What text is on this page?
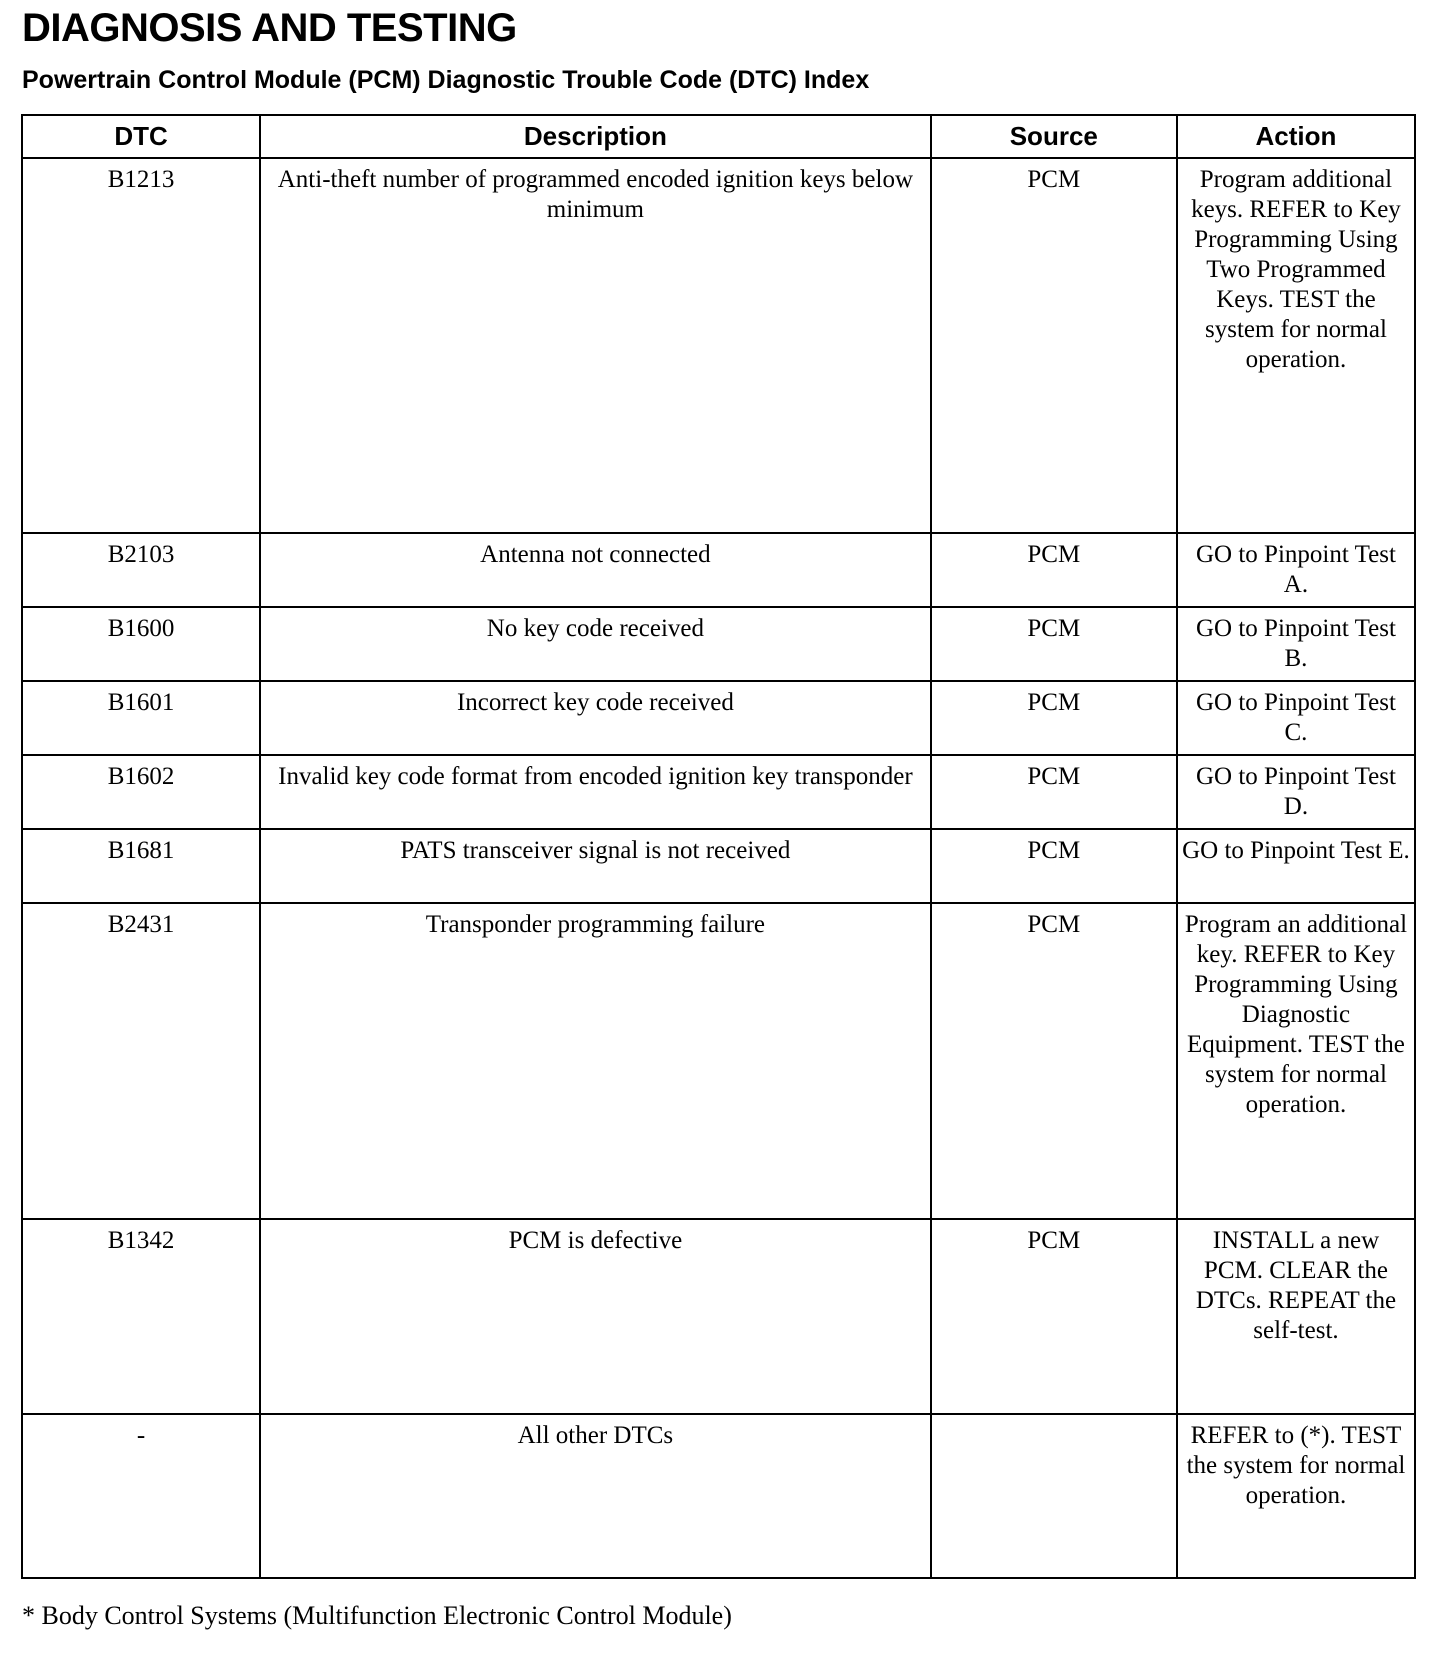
DIAGNOSIS AND TESTING
Powertrain Control Module (PCM) Diagnostic Trouble Code (DTC) Index
DTC	Description	Source	Action
B1213	Anti-theft number of programmed encoded ignition keys below minimum	PCM	Program additional keys. REFER to Key Programming Using Two Programmed Keys. TEST the system for normal operation.
B2103	Antenna not connected	PCM	GO to Pinpoint Test A.
B1600	No key code received	PCM	GO to Pinpoint Test B.
B1601	Incorrect key code received	PCM	GO to Pinpoint Test C.
B1602	Invalid key code format from encoded ignition key transponder	PCM	GO to Pinpoint Test D.
B1681	PATS transceiver signal is not received	PCM	GO to Pinpoint Test E.
B2431	Transponder programming failure	PCM	Program an additional key. REFER to Key Programming Using Diagnostic Equipment. TEST the system for normal operation.
B1342	PCM is defective	PCM	INSTALL a new PCM. CLEAR the DTCs. REPEAT the self-test.
-	All other DTCs		REFER to (*). TEST the system for normal operation.
* Body Control Systems (Multifunction Electronic Control Module)
